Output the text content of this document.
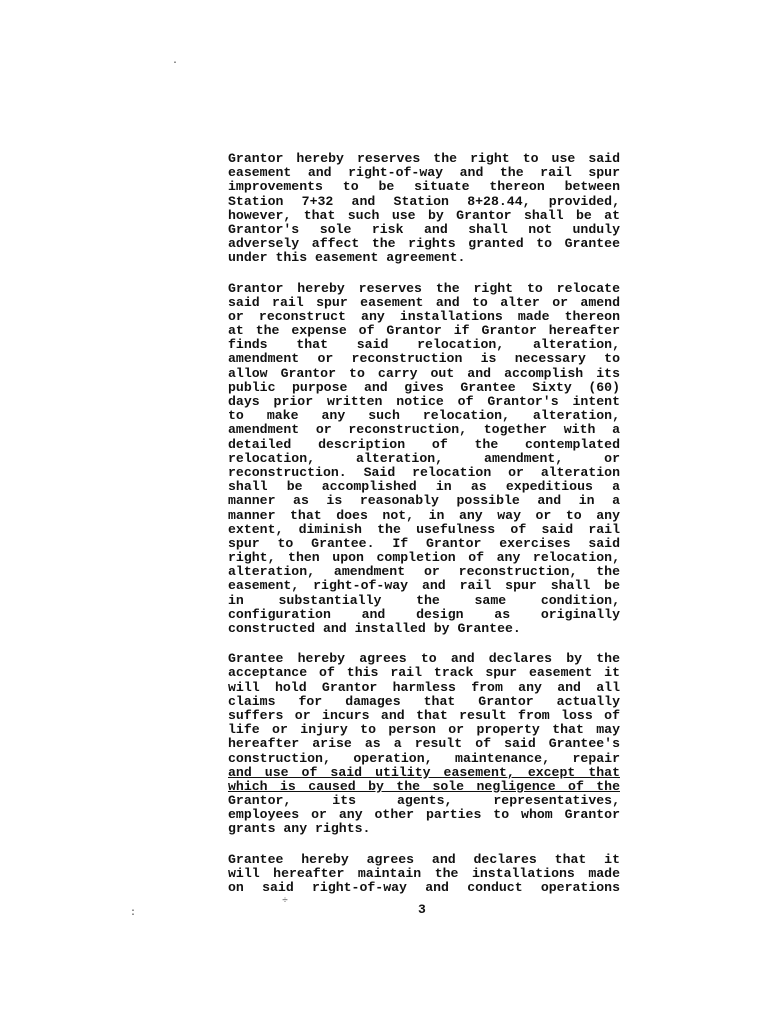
·
:
÷
Grantor hereby reserves the right to use said
easement and right-of-way and the rail spur
improvements to be situate thereon between
Station 7+32 and Station 8+28.44, provided,
however, that such use by Grantor shall be at
Grantor's sole risk and shall not unduly
adversely affect the rights granted to Grantee
under this easement agreement.
Grantor hereby reserves the right to relocate
said rail spur easement and to alter or amend
or reconstruct any installations made thereon
at the expense of Grantor if Grantor hereafter
finds that said relocation, alteration,
amendment or reconstruction is necessary to
allow Grantor to carry out and accomplish its
public purpose and gives Grantee Sixty (60)
days prior written notice of Grantor's intent
to make any such relocation, alteration,
amendment or reconstruction, together with a
detailed description of the contemplated
relocation, alteration, amendment, or
reconstruction. Said relocation or alteration
shall be accomplished in as expeditious a
manner as is reasonably possible and in a
manner that does not, in any way or to any
extent, diminish the usefulness of said rail
spur to Grantee. If Grantor exercises said
right, then upon completion of any relocation,
alteration, amendment or reconstruction, the
easement, right-of-way and rail spur shall be
in substantially the same condition,
configuration and design as originally
constructed and installed by Grantee.
Grantee hereby agrees to and declares by the
acceptance of this rail track spur easement it
will hold Grantor harmless from any and all
claims for damages that Grantor actually
suffers or incurs and that result from loss of
life or injury to person or property that may
hereafter arise as a result of said Grantee's
construction, operation, maintenance, repair
and use of said utility easement, except that
which is caused by the sole negligence of the
Grantor, its agents, representatives,
employees or any other parties to whom Grantor
grants any rights.
Grantee hereby agrees and declares that it
will hereafter maintain the installations made
on said right-of-way and conduct operations
3
